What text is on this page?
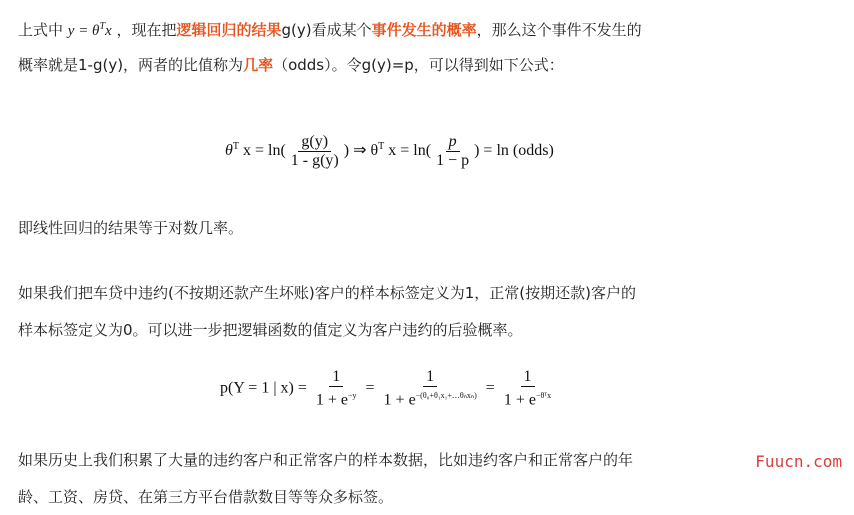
上式中 $y = \theta^Tx$ ，现在把逻辑回归的结果g(y)看成某个事件发生的概率，那么这个事件不发生的
概率就是1-g(y)，两者的比值称为几率（odds）。令g(y)=p，可以得到如下公式：
$\theta^T$ $x = \ln( \frac{g(y)}{1 - g(y)}$ ) ⇒ $\theta^T$ $x = \ln( \frac{p}{1 - p}$ ) = ln (odds)
即线性回归的结果等于对数几率。
如果我们把车贷中违约(不按期还款产生坏账)客户的样本标签定义为1，正常(按期还款)客户的
样本标签定义为0。可以进一步把逻辑函数的值定义为客户违约的后验概率。
p(Y = 1 | $x) = \frac{1}{1 + e^{-y}} = \frac{1}{1 + e^{-(\theta_0+\theta_1x_1+\dots\theta_nx_n)}} = \frac{1}{1 + e^{-\theta ᵀx}}$
如果历史上我们积累了大量的违约客户和正常客户的样本数据，比如违约客户和正常客户的年
龄、工资、房贷、在第三方平台借款数目等等众多标签。
Fuucn.com
